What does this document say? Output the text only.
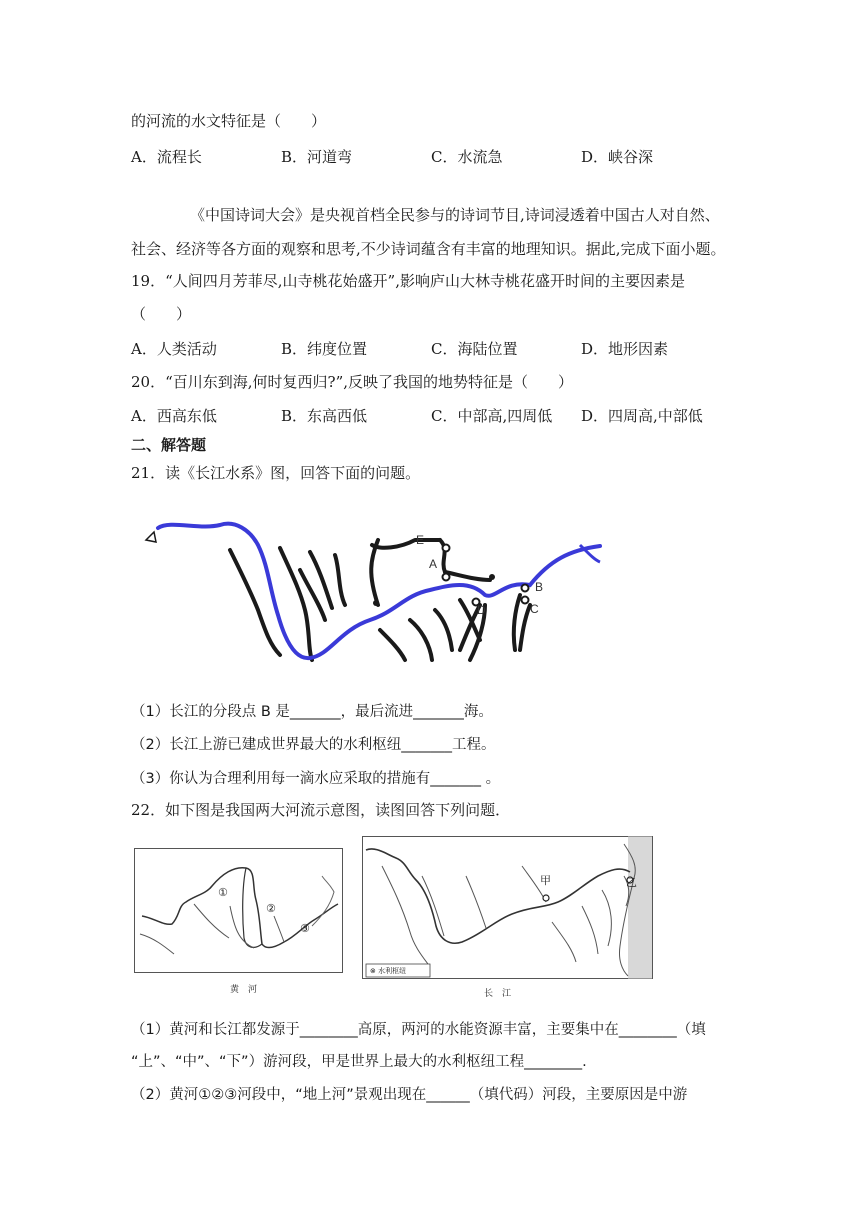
的河流的水文特征是（　　）
A．流程长	B．河道弯	C．水流急	D．峡谷深
《中国诗词大会》是央视首档全民参与的诗词节目,诗词浸透着中国古人对自然、
社会、经济等各方面的观察和思考,不少诗词蕴含有丰富的地理知识。据此,完成下面小题。
19．“人间四月芳菲尽,山寺桃花始盛开”,影响庐山大林寺桃花盛开时间的主要因素是
（　　）
A．人类活动	B．纬度位置	C．海陆位置	D．地形因素
20．“百川东到海,何时复西归?”,反映了我国的地势特征是（　　）
A．西高东低	B．东高西低	C．中部高,四周低	D．四周高,中部低
二、解答题
21．读《长江水系》图，回答下面的问题。
E
A
B
C
D
（1）长江的分段点 B 是_______，最后流进_______海。
（2）长江上游已建成世界最大的水利枢纽_______工程。
（3）你认为合理利用每一滴水应采取的措施有_______ 。
22．如下图是我国两大河流示意图，读图回答下列问题．
①
②
③
黄　河
甲	乙
⊗ 水利枢纽
长　江
（1）黄河和长江都发源于________高原，两河的水能资源丰富，主要集中在________（填
“上”、“中”、“下”）游河段，甲是世界上最大的水利枢纽工程________.
（2）黄河①②③河段中，“地上河”景观出现在______（填代码）河段，主要原因是中游
